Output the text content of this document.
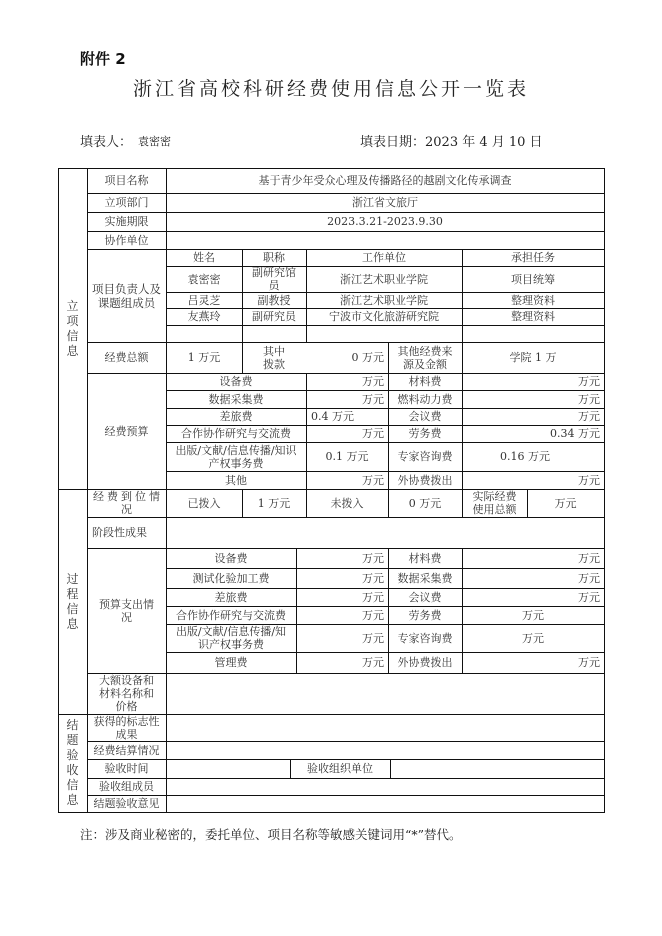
附件 2
浙江省高校科研经费使用信息公开一览表
填表人： 袁密密	填表日期：2023 年 4 月 10 日
立
项
信
息
项目名称	基于青少年受众心理及传播路径的越剧文化传承调查
立项部门	浙江省文旅厅
实施期限	2023.3.21-2023.9.30
协作单位
项目负责人及课题组成员
姓名	职称	工作单位	承担任务
袁密密	副研究馆员	浙江艺术职业学院	项目统筹
吕灵芝	副教授	浙江艺术职业学院	整理资料
友燕玲	副研究员	宁波市文化旅游研究院	整理资料
经费总额	1 万元	其中拨款	0 万元	其他经费来源及金额	学院 1 万
经费预算
设备费	万元	材料费	万元
数据采集费	万元	燃料动力费	万元
差旅费	0.4 万元	会议费	万元
合作协作研究与交流费	万元	劳务费	0.34 万元
出版/文献/信息传播/知识产权事务费	0.1 万元	专家咨询费	0.16 万元
其他	万元	外协费拨出	万元
过
程
信
息
经费到位情况	已拨入	1 万元	未拨入	0 万元	实际经费使用总额	万元
阶段性成果
预算支出情况
设备费	万元	材料费	万元
测试化验加工费	万元	数据采集费	万元
差旅费	万元	会议费	万元
合作协作研究与交流费	万元	劳务费	万元
出版/文献/信息传播/知识产权事务费	万元	专家咨询费	万元
管理费	万元	外协费拨出	万元
大额设备和材料名称和价格
结
题
验
收
信
息
获得的标志性成果
经费结算情况
验收时间	验收组织单位
验收组成员
结题验收意见
注：涉及商业秘密的，委托单位、项目名称等敏感关键词用“*”替代。
